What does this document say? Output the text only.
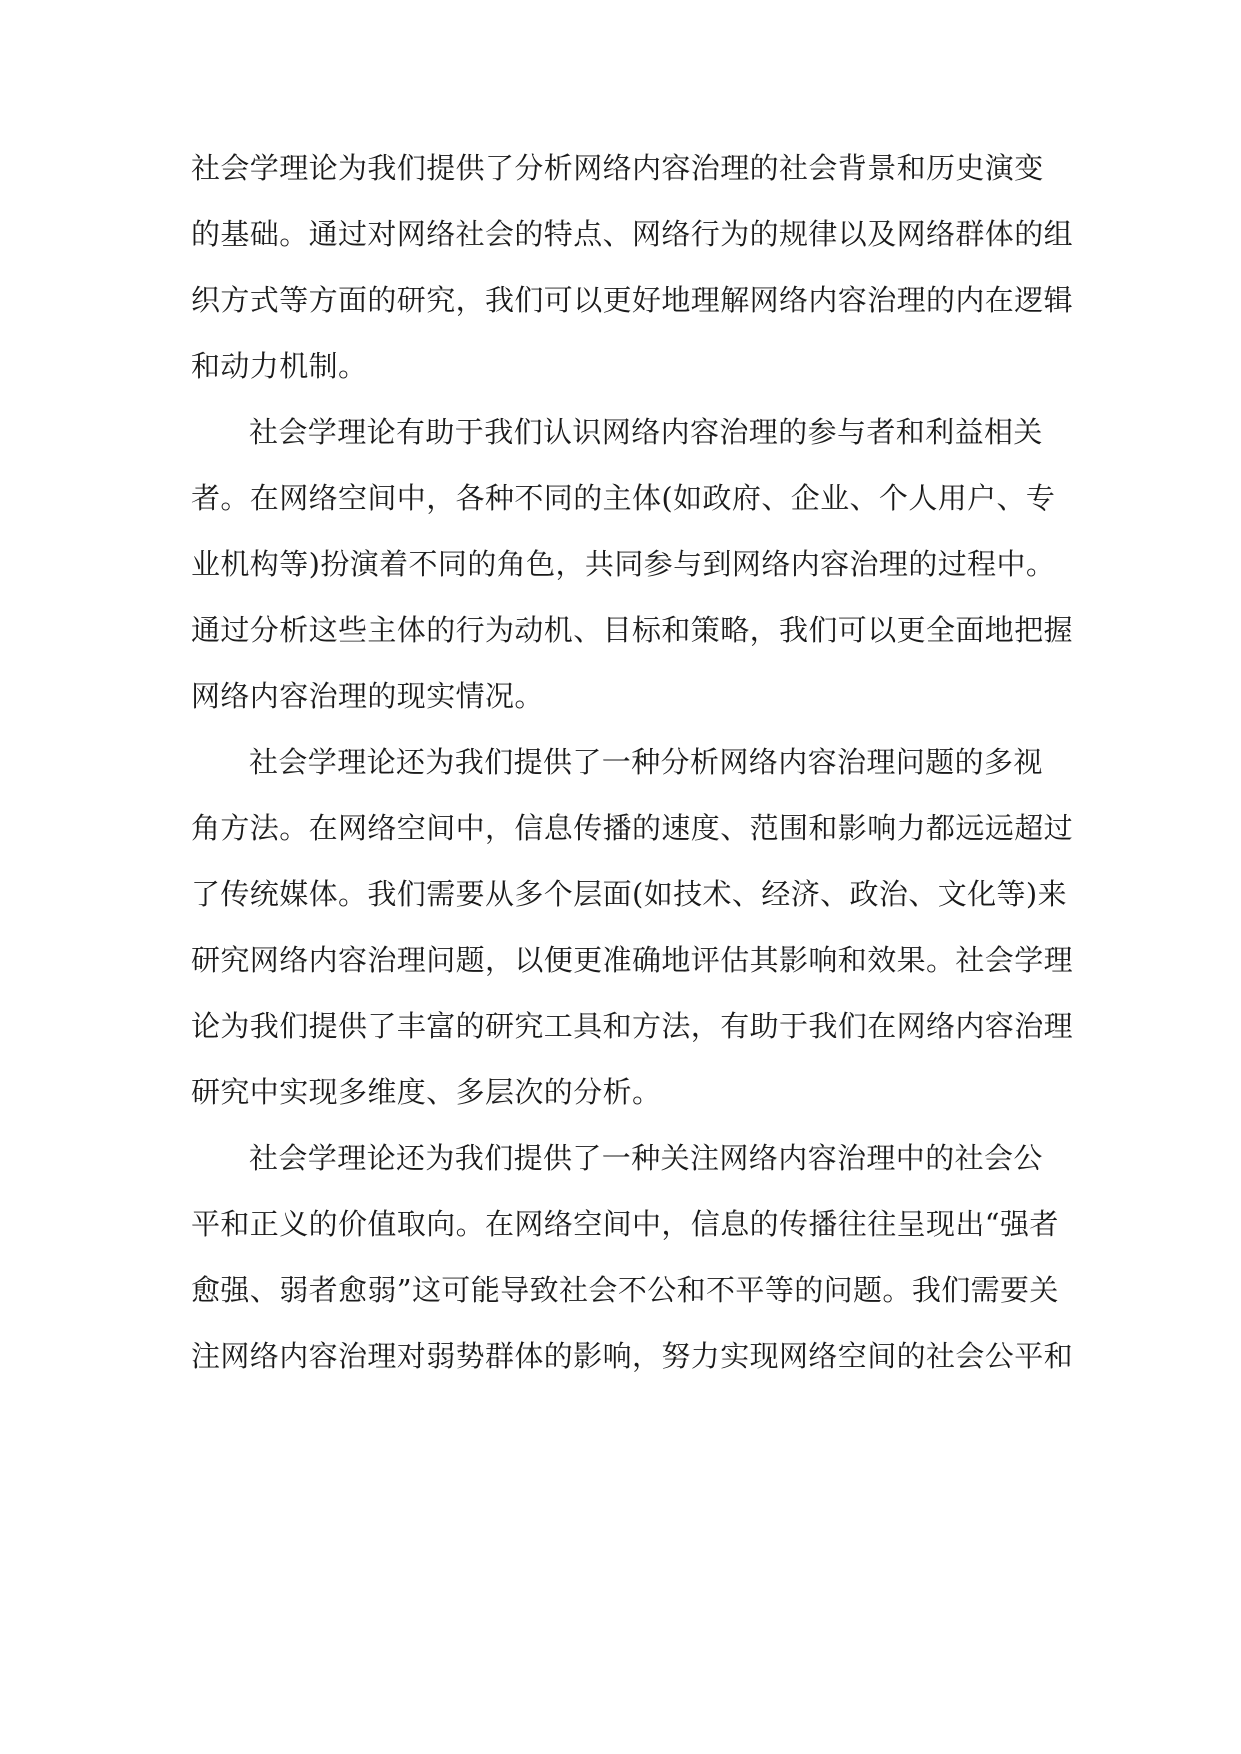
社会学理论为我们提供了分析网络内容治理的社会背景和历史演变
的基础。通过对网络社会的特点、网络行为的规律以及网络群体的组
织方式等方面的研究，我们可以更好地理解网络内容治理的内在逻辑
和动力机制。
社会学理论有助于我们认识网络内容治理的参与者和利益相关
者。在网络空间中，各种不同的主体(如政府、企业、个人用户、专
业机构等)扮演着不同的角色，共同参与到网络内容治理的过程中。
通过分析这些主体的行为动机、目标和策略，我们可以更全面地把握
网络内容治理的现实情况。
社会学理论还为我们提供了一种分析网络内容治理问题的多视
角方法。在网络空间中，信息传播的速度、范围和影响力都远远超过
了传统媒体。我们需要从多个层面(如技术、经济、政治、文化等)来
研究网络内容治理问题，以便更准确地评估其影响和效果。社会学理
论为我们提供了丰富的研究工具和方法，有助于我们在网络内容治理
研究中实现多维度、多层次的分析。
社会学理论还为我们提供了一种关注网络内容治理中的社会公
平和正义的价值取向。在网络空间中，信息的传播往往呈现出“强者
愈强、弱者愈弱”这可能导致社会不公和不平等的问题。我们需要关
注网络内容治理对弱势群体的影响，努力实现网络空间的社会公平和
